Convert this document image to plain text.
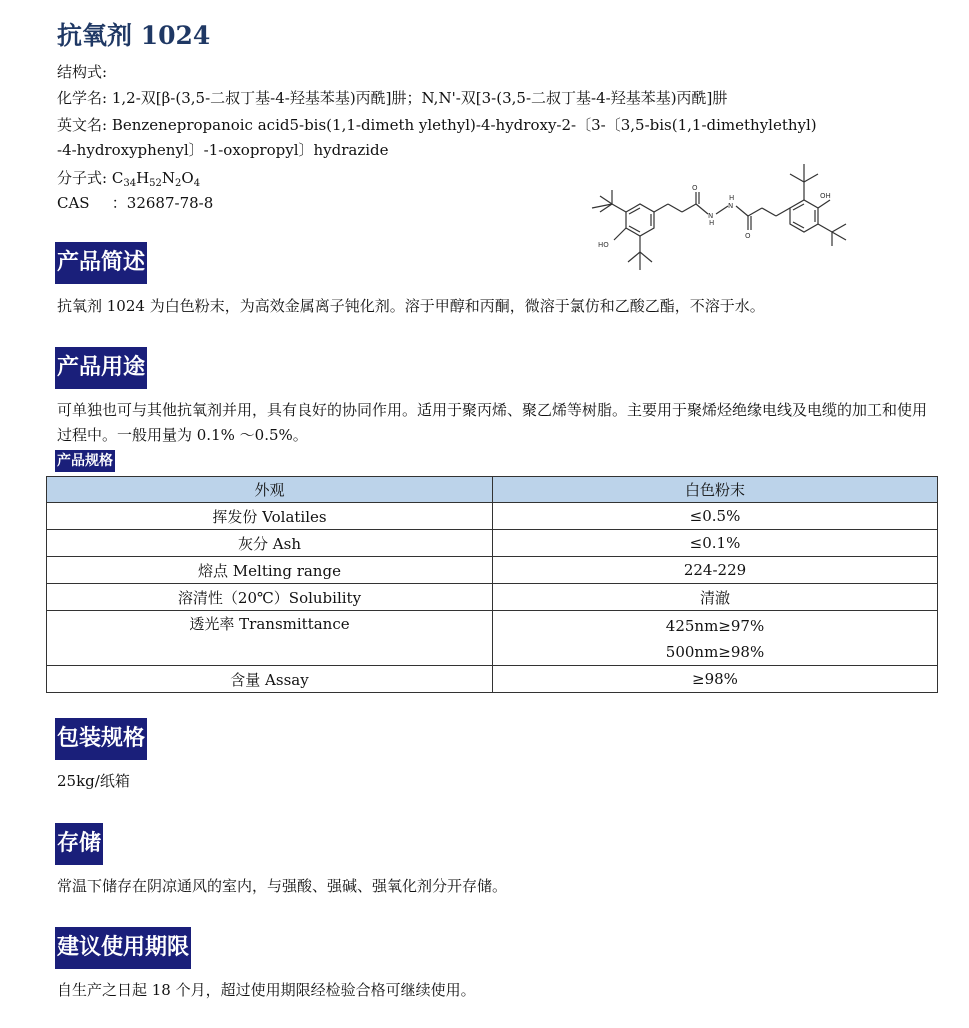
抗氧剂 1024
结构式:
化学名: 1,2-双[β-(3,5-二叔丁基-4-羟基苯基)丙酰]肼；N,N'-双[3-(3,5-二叔丁基-4-羟基苯基)丙酰]肼
英文名: Benzenepropanoic acid5-bis(1,1-dimeth ylethyl)-4-hydroxy-2-〔3-〔3,5-bis(1,1-dimethylethyl)
-4-hydroxyphenyl〕-1-oxopropyl〕hydrazide
分子式: $C_{34}H_{52}N_2O_4$
CAS ：32687-78-8
HO
OH
O
O
N
N
H
H
产品简述
抗氧剂 1024 为白色粉末，为高效金属离子钝化剂。溶于甲醇和丙酮，微溶于氯仿和乙酸乙酯，不溶于水。
产品用途
可单独也可与其他抗氧剂并用，具有良好的协同作用。适用于聚丙烯、聚乙烯等树脂。主要用于聚烯烃绝缘电线及电缆的加工和使用过程中。一般用量为 0.1% ～0.5%。
产品规格
外观	白色粉末
挥发份 Volatiles	≤0.5%
灰分 Ash	≤0.1%
熔点 Melting range	224-229
溶清性（20℃）Solubility	清澈
透光率 Transmittance	425nm≥97%
500nm≥98%

含量 Assay	≥98%
包装规格
25kg/纸箱
存储
常温下储存在阴凉通风的室内，与强酸、强碱、强氧化剂分开存储。
建议使用期限
自生产之日起 18 个月，超过使用期限经检验合格可继续使用。
